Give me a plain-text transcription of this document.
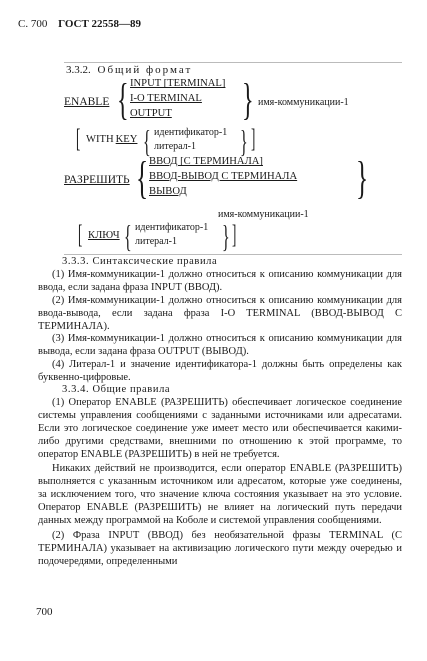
С. 700 ГОСТ 22558—89
3.3.2. Общий формат
ENABLE { INPUT [TERMINAL]
I-O TERMINAL
OUTPUT } имя-коммуникации-1
[ WITH KEY { идентификатор-1
литерал-1 } ]
РАЗРЕШИТЬ { ВВОД [С ТЕРМИНАЛА]
ВВОД-ВЫВОД С ТЕРМИНАЛА
ВЫВОД	}
имя-коммуникации-1
[ КЛЮЧ { идентификатор-1
литерал-1 } ]

3.3.3. Синтаксические правила

(1) Имя-коммуникации-1 должно относиться к описанию коммуникации для ввода, если задана фраза INPUT (ВВОД).

(2) Имя-коммуникации-1 должно относиться к описанию коммуникации для ввода-вывода, если задана фраза I-O TERMINAL (ВВОД-ВЫВОД С ТЕРМИНАЛА).

(3) Имя-коммуникации-1 должно относиться к описанию коммуникации для вывода, если задана фраза OUTPUT (ВЫВОД).

(4) Литерал-1 и значение идентификатора-1 должны быть определены как буквенно-цифровые.

3.3.4. Общие правила

(1) Оператор ENABLE (РАЗРЕШИТЬ) обеспечивает логическое соединение системы управления сообщениями с заданными источниками или адресатами. Если это логическое соединение уже имеет место или обеспечивается какими-либо другими средствами, внешними по отношению к этой программе, то оператор ENABLE (РАЗРЕШИТЬ) в ней не требуется.

Никаких действий не производится, если оператор ENABLE (РАЗРЕШИТЬ) выполняется с указанным источником или адресатом, которые уже соединены, за исключением того, что значение ключа состояния указывает на это условие. Оператор ENABLE (РАЗРЕШИТЬ) не влияет на логический путь передачи данных между программой на Коболе и системой управления сообщениями.

(2) Фраза INPUT (ВВОД) без необязательной фразы TERMINAL (С ТЕРМИНАЛА) указывает на активизацию логического пути между очередью и подочередями, определенными

700
